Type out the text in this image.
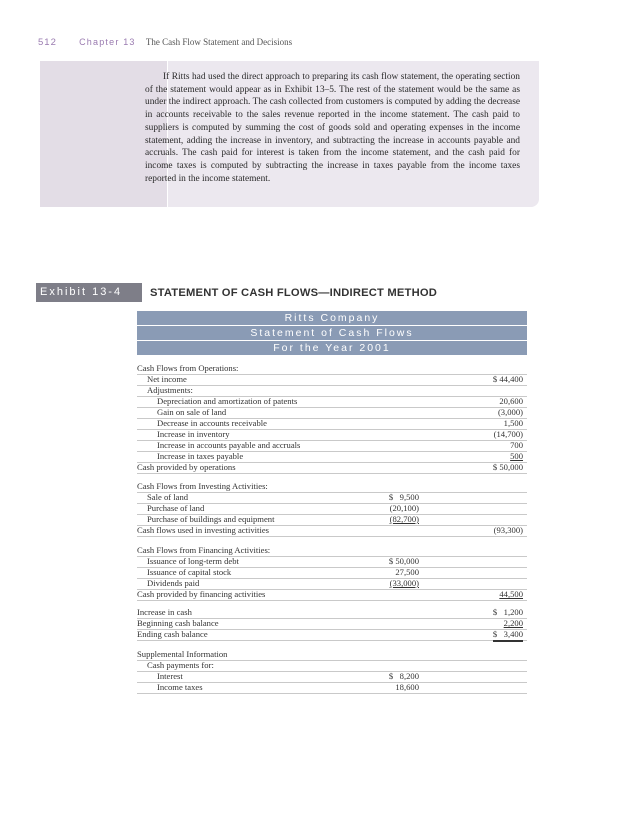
512 Chapter 13 The Cash Flow Statement and Decisions
If Ritts had used the direct approach to preparing its cash flow statement, the operating section of the statement would appear as in Exhibit 13–5. The rest of the statement would be the same as under the indirect approach. The cash collected from customers is computed by adding the decrease in accounts receivable to the sales revenue reported in the income statement. The cash paid to suppliers is computed by summing the cost of goods sold and operating expenses in the income statement, adding the increase in inventory, and subtracting the increase in accounts payable and accruals. The cash paid for interest is taken from the income statement, and the cash paid for income taxes is computed by subtracting the increase in taxes payable from the income taxes reported in the income statement.
Exhibit 13-4	STATEMENT OF CASH FLOWS—INDIRECT METHOD
Ritts Company
Statement of Cash Flows
For the Year 2001
Cash Flows from Operations:
Net income	$ 44,400
Adjustments:
Depreciation and amortization of patents	20,600
Gain on sale of land	(3,000)
Decrease in accounts receivable	1,500
Increase in inventory	(14,700)
Increase in accounts payable and accruals	700
Increase in taxes payable	500
Cash provided by operations	$ 50,000
Cash Flows from Investing Activities:
Sale of land	$   9,500
Purchase of land	(20,100)
Purchase of buildings and equipment	(82,700)
Cash flows used in investing activities	(93,300)
Cash Flows from Financing Activities:
Issuance of long-term debt	$ 50,000
Issuance of capital stock	27,500
Dividends paid	(33,000)
Cash provided by financing activities	44,500
Increase in cash	$   1,200
Beginning cash balance	2,200
Ending cash balance	$   3,400
Supplemental Information
Cash payments for:
Interest	$   8,200
Income taxes	18,600
